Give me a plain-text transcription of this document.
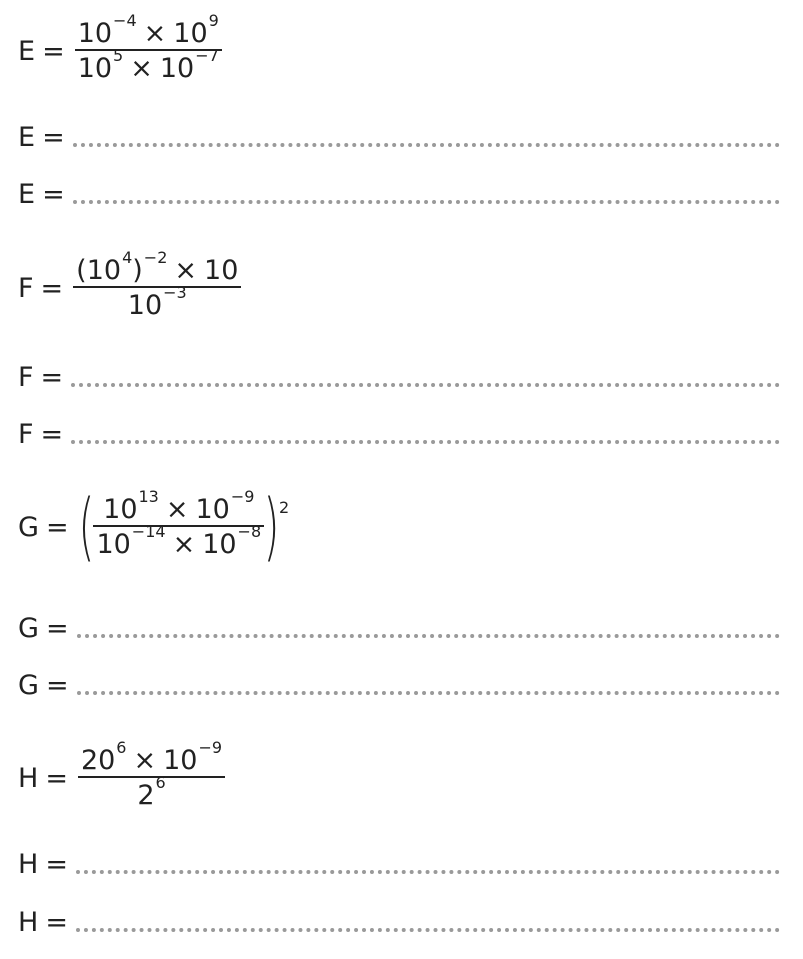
$E = \frac{10^{-4} \times 10^9}{10^5 \times 10^{-7}}$
E =
E =
$F = \frac{( 10^4 )^{-2} \times 10}{10^{-3}}$
F =
F =
G = ( $\frac{10^{13} \times 10^{-9}}{10^{-14} \times 10^{-8}}$ ) 2
G =
G =
$H = \frac{20^6 \times 10^{-9}}{2^6}$
H =
H =
